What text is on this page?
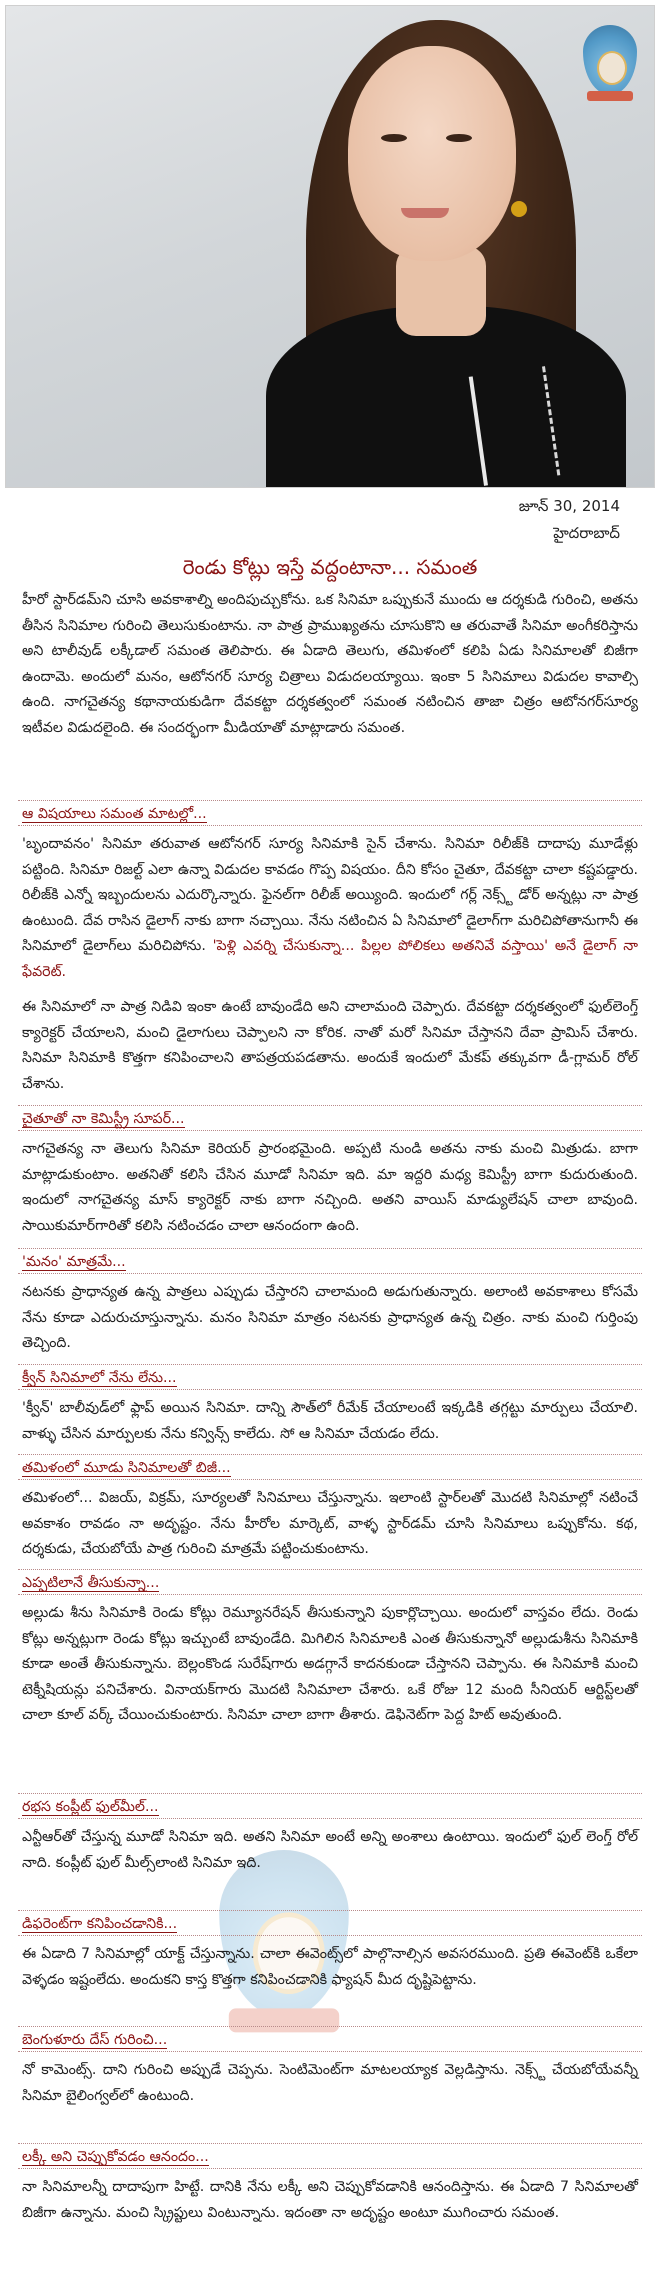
జూన్ 30, 2014
హైదరాబాద్
రెండు కోట్లు ఇస్తే వద్దంటానా... సమంత

హీరో స్టార్‌డమ్‌ని చూసి అవకాశాల్ని అందిపుచ్చుకోను. ఒక సినిమా ఒప్పుకునే ముందు ఆ దర్శకుడి గురించి, అతను తీసిన సినిమాల గురించి తెలుసుకుంటాను. నా పాత్ర ప్రాముఖ్యతను చూసుకొని ఆ తరువాతే సినిమా అంగీకరిస్తాను అని టాలీవుడ్ లక్కీడాల్ సమంత తెలిపారు. ఈ ఏడాది తెలుగు, తమిళంలో కలిపి ఏడు సినిమాలతో బిజీగా ఉందామె. అందులో మనం, ఆటోనగర్ సూర్య చిత్రాలు విడుదలయ్యాయి. ఇంకా 5 సినిమాలు విడుదల కావాల్సి ఉంది. నాగచైతన్య కథానాయకుడిగా దేవకట్టా దర్శకత్వంలో సమంత నటించిన తాజా చిత్రం ఆటోనగర్‌సూర్య ఇటీవల విడుదలైంది. ఈ సందర్భంగా మీడియాతో మాట్లాడారు సమంత.

ఆ విషయాలు సమంత మాటల్లో...

'బృందావనం' సినిమా తరువాత ఆటోనగర్ సూర్య సినిమాకి సైన్ చేశాను. సినిమా రిలీజ్‌కి దాదాపు మూడేళ్లు పట్టింది. సినిమా రిజల్ట్ ఎలా ఉన్నా విడుదల కావడం గొప్ప విషయం. దీని కోసం చైతూ, దేవకట్టా చాలా కష్టపడ్డారు. రిలీజ్‌కి ఎన్నో ఇబ్బందులను ఎదుర్కొన్నారు. ఫైనల్‌గా రిలీజ్ అయ్యింది. ఇందులో గర్ల్ నెక్స్ట్ డోర్ అన్నట్లు నా పాత్ర ఉంటుంది. దేవ రాసిన డైలాగ్ నాకు బాగా నచ్చాయి. నేను నటించిన ఏ సినిమాలో డైలాగ్‌గా మరిచిపోతానుగానీ ఈ సినిమాలో డైలాగ్‌లు మరిచిపోను. 'పెళ్లి ఎవర్ని చేసుకున్నా... పిల్లల పోలికలు అతనివే వస్తాయి' అనే డైలాగ్ నా ఫేవరెట్.

ఈ సినిమాలో నా పాత్ర నిడివి ఇంకా ఉంటే బావుండేది అని చాలామంది చెప్పారు. దేవకట్టా దర్శకత్వంలో ఫుల్‌లెంగ్త్ క్యారెక్టర్ చేయాలని, మంచి డైలాగులు చెప్పాలని నా కోరిక. నాతో మరో సినిమా చేస్తానని దేవా ప్రామిస్ చేశారు. సినిమా సినిమాకి కొత్తగా కనిపించాలని తాపత్రయపడతాను. అందుకే ఇందులో మేకప్ తక్కువగా డీ-గ్లామర్ రోల్ చేశాను.

చైతూతో నా కెమిస్ట్రీ సూపర్...

నాగచైతన్య నా తెలుగు సినిమా కెరియర్ ప్రారంభమైంది. అప్పటి నుండి అతను నాకు మంచి మిత్రుడు. బాగా మాట్లాడుకుంటాం. అతనితో కలిసి చేసిన మూడో సినిమా ఇది. మా ఇద్దరి మధ్య కెమిస్ట్రీ బాగా కుదురుతుంది. ఇందులో నాగచైతన్య మాస్ క్యారెక్టర్ నాకు బాగా నచ్చింది. అతని వాయిస్ మాడ్యులేషన్ చాలా బావుంది. సాయికుమార్‌గారితో కలిసి నటించడం చాలా ఆనందంగా ఉంది.

'మనం' మాత్రమే...

నటనకు ప్రాధాన్యత ఉన్న పాత్రలు ఎప్పుడు చేస్తారని చాలామంది అడుగుతున్నారు. అలాంటి అవకాశాలు కోసమే నేను కూడా ఎదురుచూస్తున్నాను. మనం సినిమా మాత్రం నటనకు ప్రాధాన్యత ఉన్న చిత్రం. నాకు మంచి గుర్తింపు తెచ్చింది.

క్వీన్ సినిమాలో నేను లేను...

'క్వీన్' బాలీవుడ్‌లో ఫ్లాప్ అయిన సినిమా. దాన్ని సౌత్‌లో రీమేక్ చేయాలంటే ఇక్కడికి తగ్గట్టు మార్పులు చేయాలి. వాళ్ళు చేసిన మార్పులకు నేను కన్విన్స్ కాలేదు. సో ఆ సినిమా చేయడం లేదు.

తమిళంలో మూడు సినిమాలతో బిజీ...

తమిళంలో... విజయ్, విక్రమ్, సూర్యలతో సినిమాలు చేస్తున్నాను. ఇలాంటి స్టార్‌లతో మొదటి సినిమాల్లో నటించే అవకాశం రావడం నా అదృష్టం. నేను హీరోల మార్కెట్, వాళ్ళ స్టార్‌డమ్ చూసి సినిమాలు ఒప్పుకోను. కథ, దర్శకుడు, చేయబోయే పాత్ర గురించి మాత్రమే పట్టించుకుంటాను.

ఎప్పటిలానే తీసుకున్నా...

అల్లుడు శీను సినిమాకి రెండు కోట్లు రెమ్యూనరేషన్ తీసుకున్నాని పుకార్లొచ్చాయి. అందులో వాస్తవం లేదు. రెండు కోట్లు అన్నట్లుగా రెండు కోట్లు ఇచ్చుంటే బావుండేది. మిగిలిన సినిమాలకి ఎంత తీసుకున్నానో అల్లుడుశీను సినిమాకి కూడా అంతే తీసుకున్నాను. బెల్లంకొండ సురేష్‌గారు అడగ్గానే కాదనకుండా చేస్తానని చెప్పాను. ఈ సినిమాకి మంచి టెక్నీషియన్లు పనిచేశారు. వినాయక్‌గారు మొదటి సినిమాలా చేశారు. ఒకే రోజు 12 మంది సీనియర్ ఆర్టిస్ట్‌లతో చాలా కూల్ వర్క్ చేయించుకుంటారు. సినిమా చాలా బాగా తీశారు. డెఫినెట్‌గా పెద్ద హిట్ అవుతుంది.

రభస కంప్లీట్ ఫుల్‌మీల్...

ఎన్టీఆర్‌తో చేస్తున్న మూడో సినిమా ఇది. అతని సినిమా అంటే అన్ని అంశాలు ఉంటాయి. ఇందులో ఫుల్ లెంగ్త్ రోల్ నాది. కంప్లీట్ ఫుల్ మీల్స్‌లాంటి సినిమా ఇది.

డిఫరెంట్‌గా కనిపించడానికి...

ఈ ఏడాది 7 సినిమాల్లో యాక్ట్ చేస్తున్నాను. చాలా ఈవెంట్స్‌లో పాల్గొనాల్సిన అవసరముంది. ప్రతి ఈవెంట్‌కి ఒకేలా వెళ్ళడం ఇష్టంలేదు. అందుకని కాస్త కొత్తగా కనిపించడానికి ఫ్యాషన్ మీద దృష్టిపెట్టాను.

బెంగుళూరు దేస్ గురించి...

నో కామెంట్స్. దాని గురించి అప్పుడే చెప్పను. సెంటిమెంట్‌గా మాటలయ్యాక వెల్లడిస్తాను. నెక్స్ట్ చేయబోయేవన్నీ సినిమా బైలింగ్వల్‌లో ఉంటుంది.

లక్కీ అని చెప్పుకోవడం ఆనందం...

నా సినిమాలన్నీ దాదాపుగా హిట్టే. దానికి నేను లక్కీ అని చెప్పుకోవడానికి ఆనందిస్తాను. ఈ ఏడాది 7 సినిమాలతో బిజీగా ఉన్నాను. మంచి స్క్రిప్టులు వింటున్నాను. ఇదంతా నా అదృష్టం అంటూ ముగించారు సమంత.
